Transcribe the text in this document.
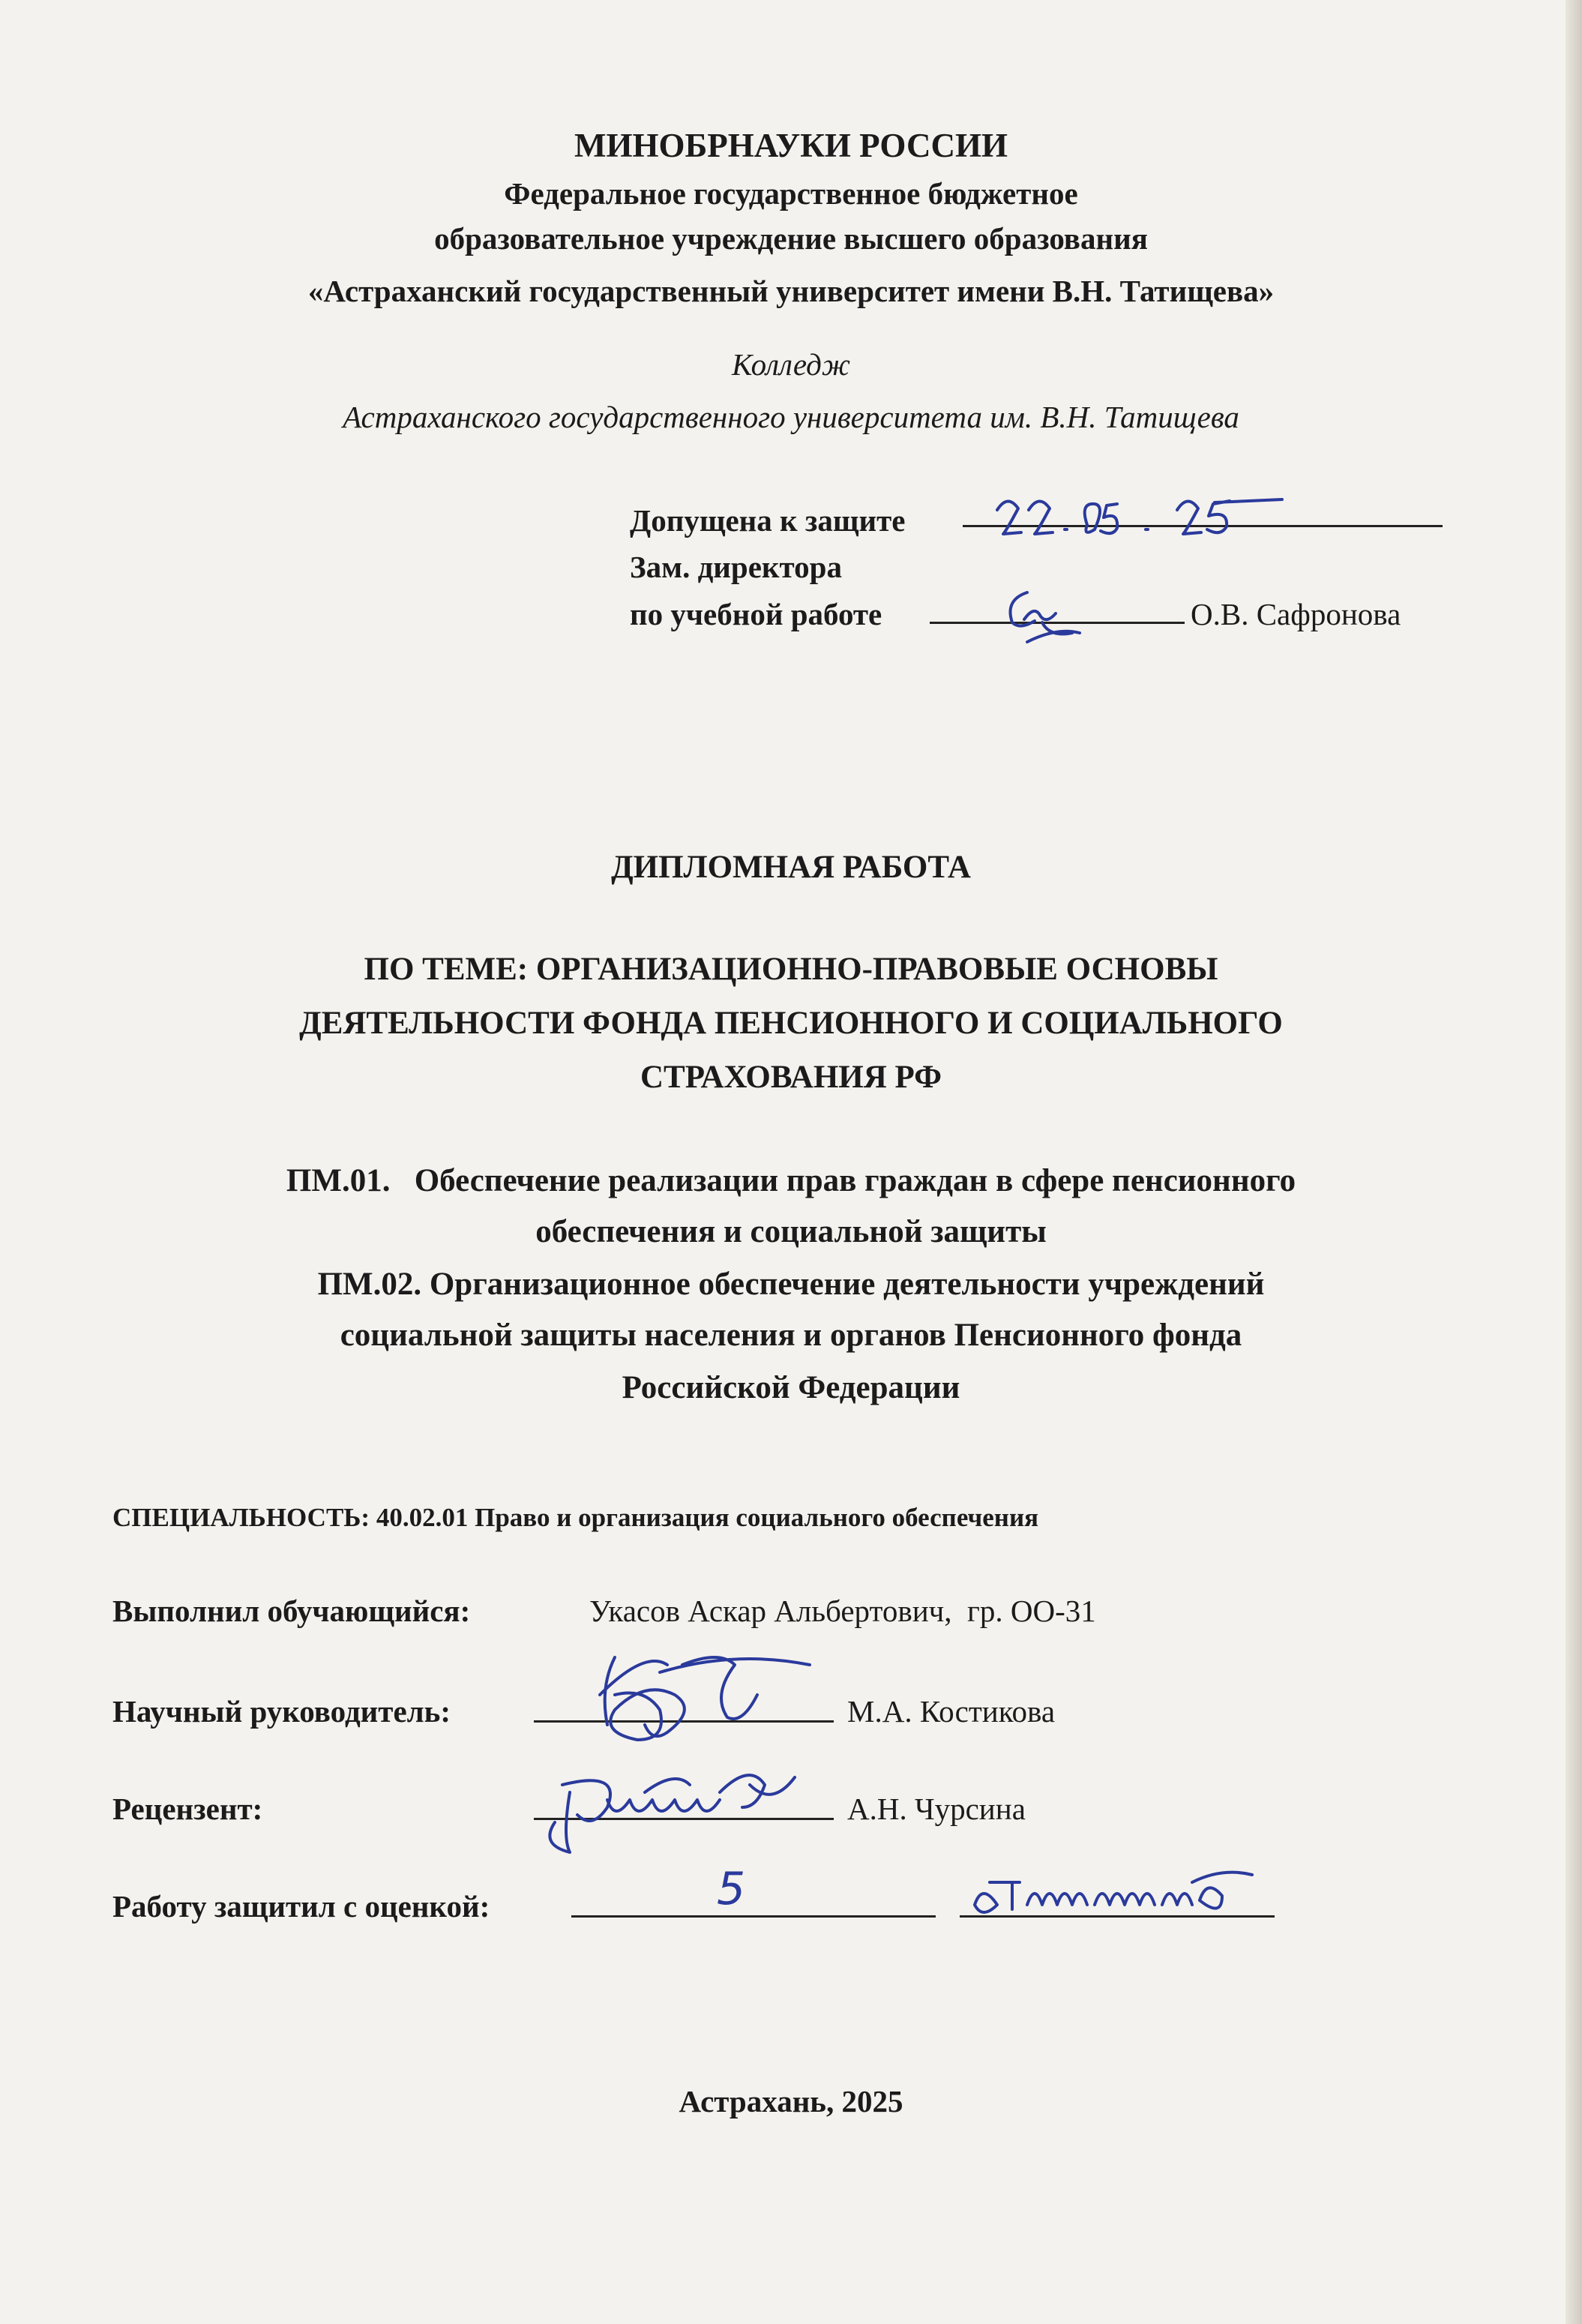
МИНОБРНАУКИ РОССИИ
Федеральное государственное бюджетное
образовательное учреждение высшего образования
«Астраханский государственный университет имени В.Н. Татищева»
Колледж
Астраханского государственного университета им. В.Н. Татищева
Допущена к защите
Зам. директора
по учебной работе	О.В. Сафронова
ДИПЛОМНАЯ РАБОТА
ПО ТЕМЕ: ОРГАНИЗАЦИОННО-ПРАВОВЫЕ ОСНОВЫ
ДЕЯТЕЛЬНОСТИ ФОНДА ПЕНСИОННОГО И СОЦИАЛЬНОГО
СТРАХОВАНИЯ РФ
ПМ.01.   Обеспечение реализации прав граждан в сфере пенсионного
обеспечения и социальной защиты
ПМ.02. Организационное обеспечение деятельности учреждений
социальной защиты населения и органов Пенсионного фонда
Российской Федерации
СПЕЦИАЛЬНОСТЬ: 40.02.01 Право и организация социального обеспечения
Выполнил обучающийся:	Укасов Аскар Альбертович,  гр. ОО-31
Научный руководитель:	М.А. Костикова
Рецензент:	А.Н. Чурсина
Работу защитил с оценкой:	5
Астрахань, 2025
